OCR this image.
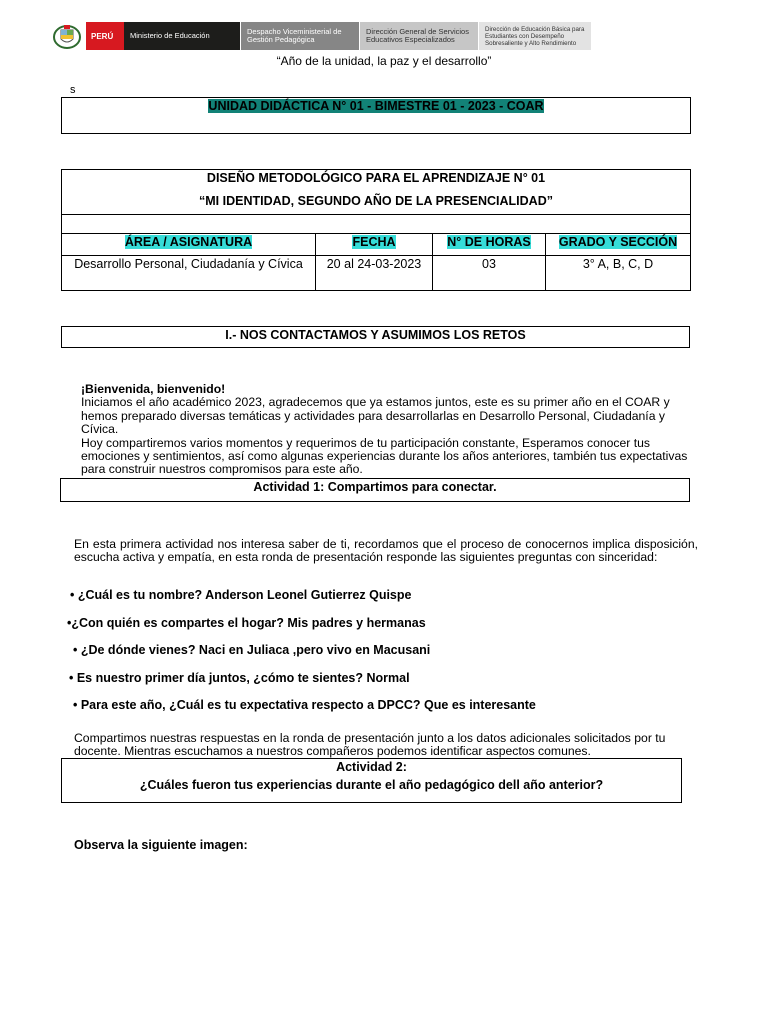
PERÚ	Ministerio de Educación	Despacho Viceministerial de Gestión Pedagógica
Dirección General de Servicios Educativos Especializados
Dirección de Educación Básica para Estudiantes con Desempeño Sobresaliente y Alto Rendimiento
“Año de la unidad, la paz y el desarrollo”
s
UNIDAD DIDÁCTICA N° 01 - BIMESTRE 01 - 2023 - COAR
DISEÑO METODOLÓGICO PARA EL APRENDIZAJE N° 01
“MI IDENTIDAD, SEGUNDO AÑO DE LA PRESENCIALIDAD”
ÁREA / ASIGNATURA	FECHA	N° DE HORAS	GRADO Y SECCIÓN
Desarrollo Personal, Ciudadanía y Cívica	20 al 24-03-2023	03	3° A, B, C, D
I.- NOS CONTACTAMOS Y ASUMIMOS LOS RETOS
¡Bienvenida, bienvenido!
Iniciamos el año académico 2023, agradecemos que ya estamos juntos, este es su primer año en el COAR y hemos preparado diversas temáticas y actividades para desarrollarlas en Desarrollo Personal, Ciudadanía y Cívica.
Hoy compartiremos varios momentos y requerimos de tu participación constante, Esperamos conocer tus emociones y sentimientos, así como algunas experiencias durante los años anteriores, también tus expectativas para construir nuestros compromisos para este año.
Actividad 1: Compartimos para conectar.
En esta primera actividad nos interesa saber de ti, recordamos que el proceso de conocernos implica disposición, escucha activa y empatía, en esta ronda de presentación responde las siguientes preguntas con sinceridad:
• ¿Cuál es tu nombre? Anderson Leonel Gutierrez Quispe
•¿Con quién es compartes el hogar? Mis padres y hermanas
• ¿De dónde vienes? Naci en Juliaca ,pero vivo en Macusani
• Es nuestro primer día juntos, ¿cómo te sientes? Normal
• Para este año, ¿Cuál es tu expectativa respecto a DPCC? Que es interesante
Compartimos nuestras respuestas en la ronda de presentación junto a los datos adicionales solicitados por tu docente. Mientras escuchamos a nuestros compañeros podemos identificar aspectos comunes.
Actividad 2:
¿Cuáles fueron tus experiencias durante el año pedagógico dell año anterior?
Observa la siguiente imagen:
